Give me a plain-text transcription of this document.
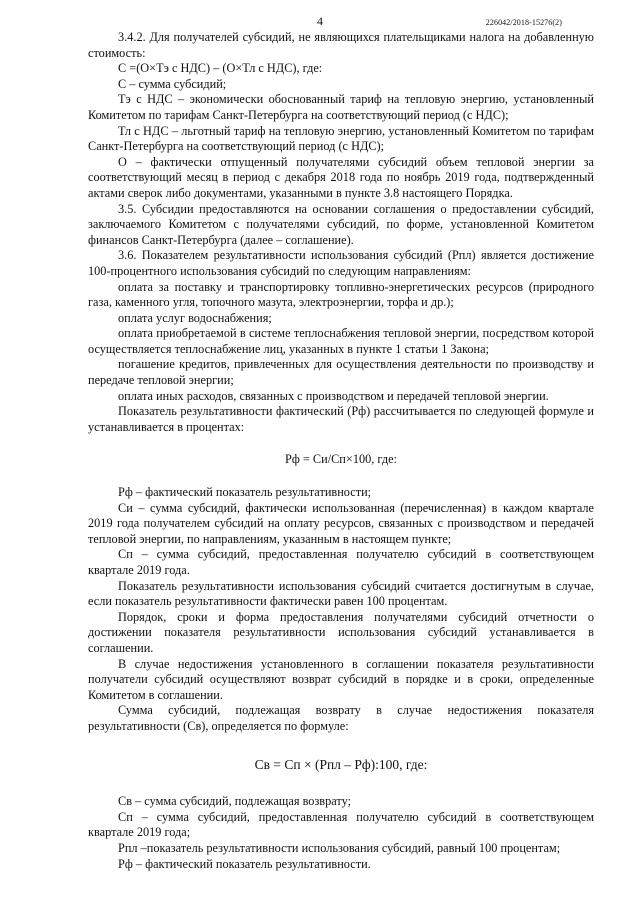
4	226042/2018-15276(2)

3.4.2. Для получателей субсидий, не являющихся плательщиками налога на добавленную стоимость:

С =(О×Тэ с НДС) – (О×Тл с НДС), где:

С – сумма субсидий;

Тэ с НДС – экономически обоснованный тариф на тепловую энергию, установленный Комитетом по тарифам Санкт-Петербурга на соответствующий период (с НДС);

Тл с НДС – льготный тариф на тепловую энергию, установленный Комитетом по тарифам Санкт-Петербурга на соответствующий период (с НДС);

О – фактически отпущенный получателями субсидий объем тепловой энергии за соответствующий месяц в период с декабря 2018 года по ноябрь 2019 года, подтвержденный актами сверок либо документами, указанными в пункте 3.8 настоящего Порядка.

3.5. Субсидии предоставляются на основании соглашения о предоставлении субсидий, заключаемого Комитетом с получателями субсидий, по форме, установленной Комитетом финансов Санкт-Петербурга (далее – соглашение).

3.6. Показателем результативности использования субсидий (Рпл) является достижение 100-процентного использования субсидий по следующим направлениям:

оплата за поставку и транспортировку топливно-энергетических ресурсов (природного газа, каменного угля, топочного мазута, электроэнергии, торфа и др.);

оплата услуг водоснабжения;

оплата приобретаемой в системе теплоснабжения тепловой энергии, посредством которой осуществляется теплоснабжение лиц, указанных в пункте 1 статьи 1 Закона;

погашение кредитов, привлеченных для осуществления деятельности по производству и передаче тепловой энергии;

оплата иных расходов, связанных с производством и передачей тепловой энергии.

Показатель результативности фактический (Рф) рассчитывается по следующей формуле и устанавливается в процентах:

Рф = Си/Сп×100, где:

Рф – фактический показатель результативности;

Си – сумма субсидий, фактически использованная (перечисленная) в каждом квартале 2019 года получателем субсидий на оплату ресурсов, связанных с производством и передачей тепловой энергии, по направлениям, указанным в настоящем пункте;

Сп – сумма субсидий, предоставленная получателю субсидий в соответствующем квартале 2019 года.

Показатель результативности использования субсидий считается достигнутым в случае, если показатель результативности фактически равен 100 процентам.

Порядок, сроки и форма предоставления получателями субсидий отчетности о достижении показателя результативности использования субсидий устанавливается в соглашении.

В случае недостижения установленного в соглашении показателя результативности получатели субсидий осуществляют возврат субсидий в порядке и в сроки, определенные Комитетом в соглашении.

Сумма субсидий, подлежащая возврату в случае недостижения показателя результативности (Св), определяется по формуле:

Св = Сп × (Рпл – Рф):100, где:

Св – сумма субсидий, подлежащая возврату;

Сп – сумма субсидий, предоставленная получателю субсидий в соответствующем квартале 2019 года;

Рпл –показатель результативности использования субсидий, равный 100 процентам;

Рф – фактический показатель результативности.
